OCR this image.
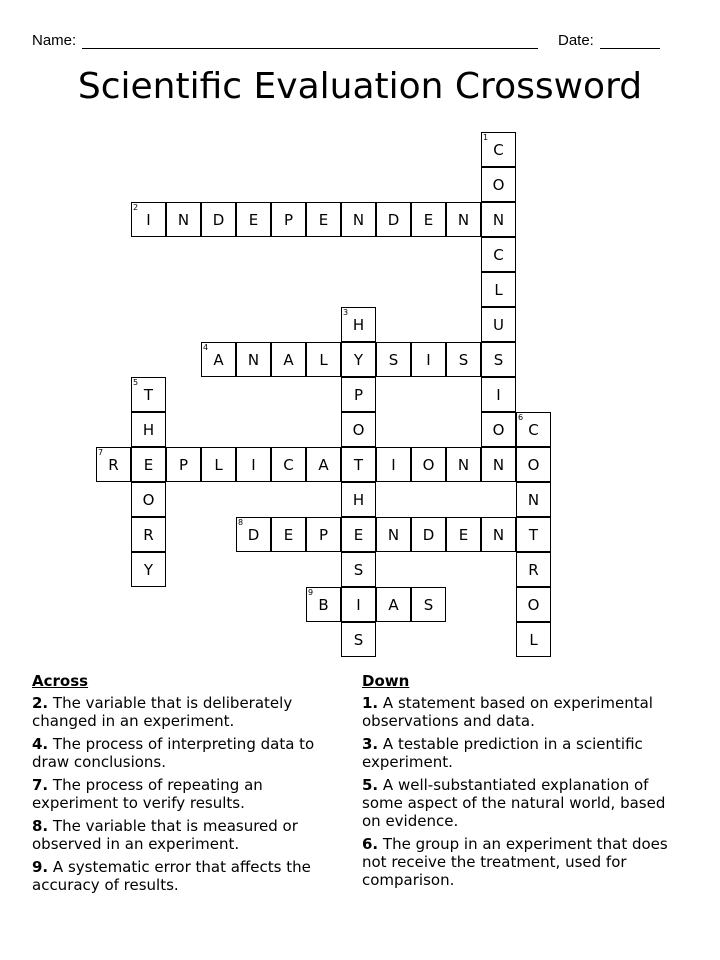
Name:	Date:
Scientific Evaluation Crossword
C
1
O
N
C
L
U
S
I
O
N
I
2
N	D	E	P	E	N	D	E	N
H
3
Y
P
O
T
H
E
S
I
S
A
4
N	A	L	S	I	S
T
5
H
E
O
R
Y
C
6
O
N
T
R
O
L
R
7
P	L	I	C	A	I	O	N
D
8
E	P	N	D	E	N
B
9
A	S
Across
2. The variable that is deliberately changed in an experiment.
4. The process of interpreting data to draw conclusions.
7. The process of repeating an experiment to verify results.
8. The variable that is measured or observed in an experiment.
9. A systematic error that affects the accuracy of results.
Down
1. A statement based on experimental observations and data.
3. A testable prediction in a scientific experiment.
5. A well-substantiated explanation of some aspect of the natural world, based on evidence.
6. The group in an experiment that does not receive the treatment, used for comparison.
